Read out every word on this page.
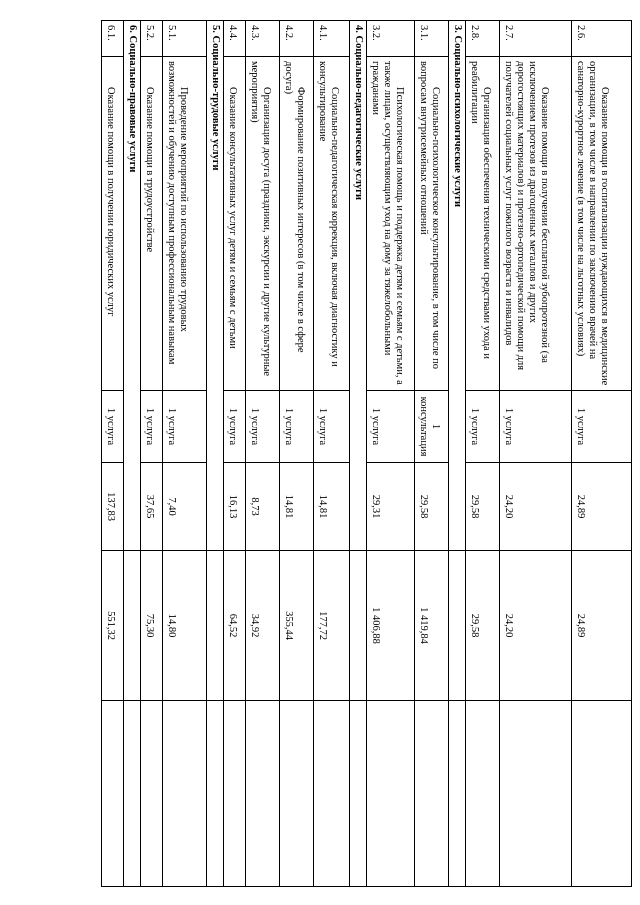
2.6.	Оказание помощи в госпитализации нуждающихся в медицинские организации, в том числе в направлении по заключению врачей на санаторно-курортное лечение (в том числе на льготных условиях)	1 услуга	24,89	24,89	
2.7.	Оказание помощи в получении бесплатной зубопротезной (за исключением протезов из драгоценных металлов и других дорогостоящих материалов) и протезно-ортопедической помощи для получателей социальных услуг пожилого возраста и инвалидов	1 услуга	24,20	24,20	
2.8.	Организация обеспечения техническими средствами ухода и реабилитации	1 услуга	29,58	29,58	
3. Социально-психологические услуги					
3.1.	Социально-психологическое консультирование, в том числе по вопросам внутрисемейных отношений	1 консультация	29,58	1 419,84	
3.2.	Психологическая помощь и поддержка детям и семьям с детьми, а также лицам, осуществляющим уход на дому за тяжелобольными гражданами	1 услуга	29,31	1 406,88	
4. Социально-педагогические услуги					
4.1.	Социально-педагогическая коррекция, включая диагностику и консультирование	1 услуга	14,81	177,72	
4.2.	Формирование позитивных интересов (в том числе в сфере досуга)	1 услуга	14,81	355,44	
4.3.	Организация досуга (праздники, экскурсии и другие культурные мероприятия)	1 услуга	8,73	34,92	
4.4.	Оказание консультативных услуг детям и семьям с детьми	1 услуга	16,13	64,52	
5. Социально-трудовые услуги					
5.1.	Проведение мероприятий по использованию трудовых возможностей и обучению доступным профессиональным навыкам	1 услуга	7,40	14,80	
5.2.	Оказание помощи в трудоустройстве	1 услуга	37,65	75,30	
6. Социально-правовые услуги					
6.1.	Оказание помощи в получении юридических услуг	1 услуга	137,83	551,32	
